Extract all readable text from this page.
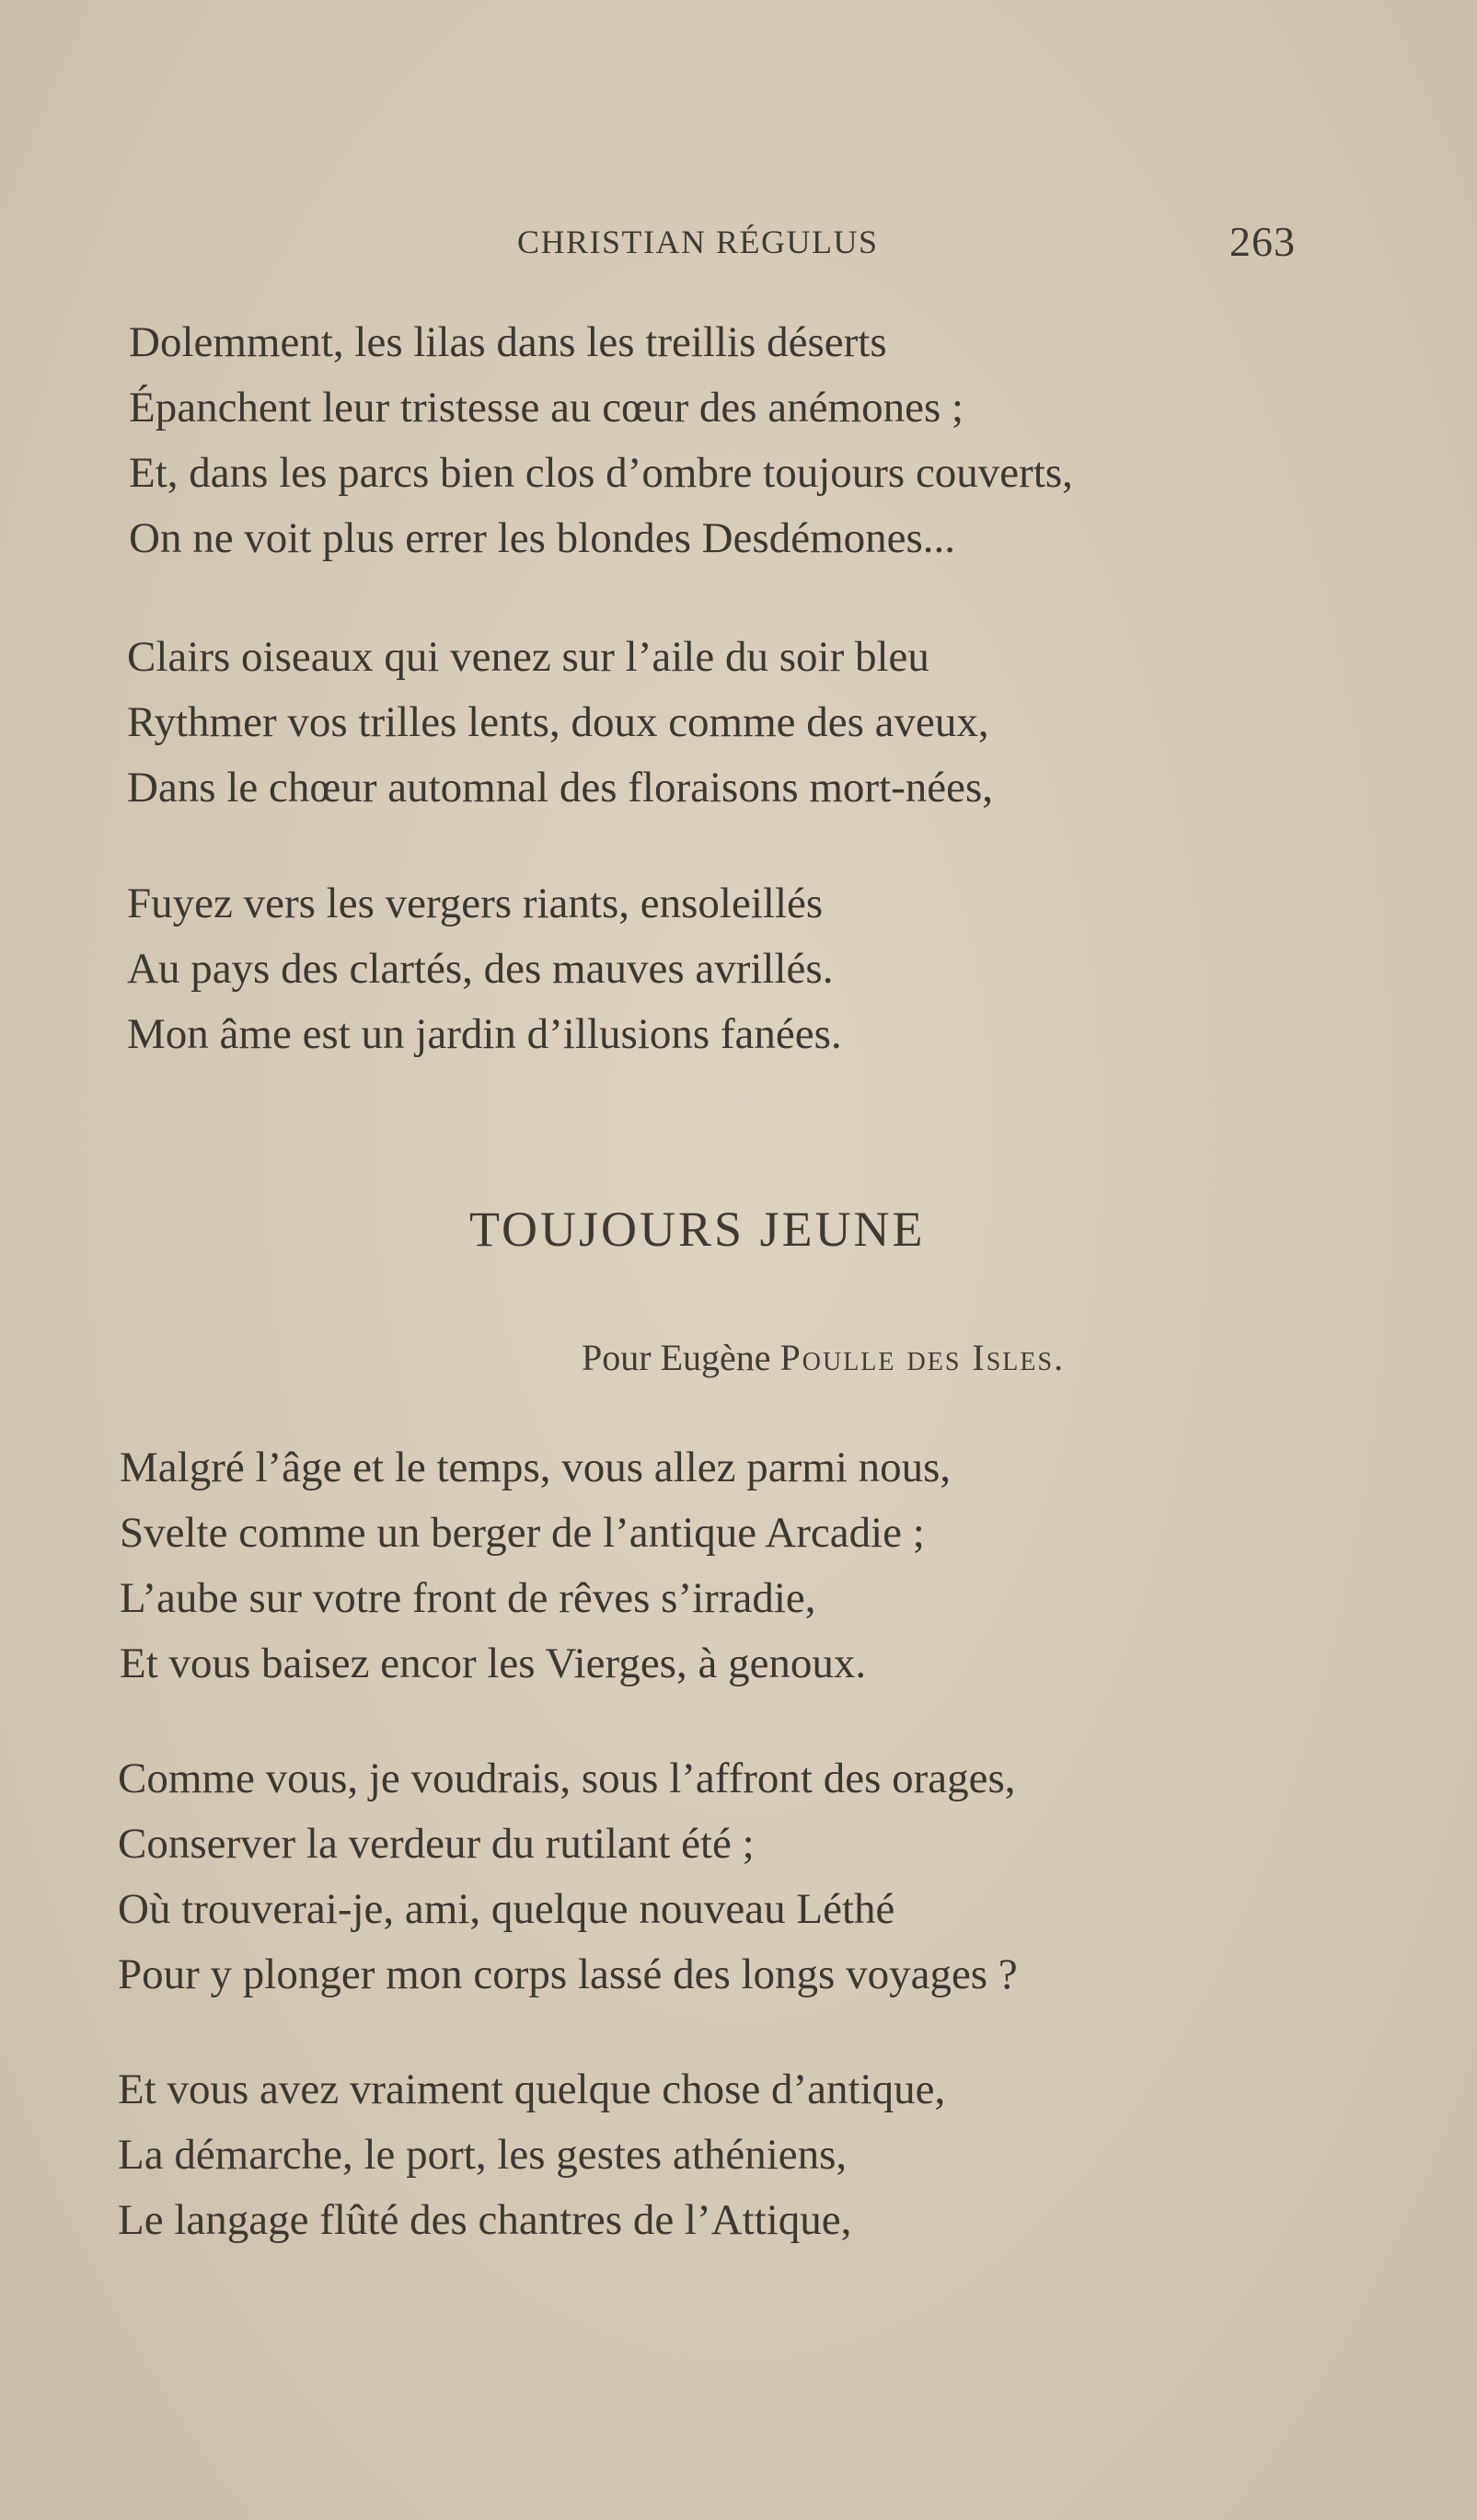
CHRISTIAN RÉGULUS	263
Dolemment, les lilas dans les treillis déserts
Épanchent leur tristesse au cœur des anémones ;
Et, dans les parcs bien clos d’ombre toujours couverts,
On ne voit plus errer les blondes Desdémones...
Clairs oiseaux qui venez sur l’aile du soir bleu
Rythmer vos trilles lents, doux comme des aveux,
Dans le chœur automnal des floraisons mort-nées,
Fuyez vers les vergers riants, ensoleillés
Au pays des clartés, des mauves avrillés.
Mon âme est un jardin d’illusions fanées.
TOUJOURS JEUNE
Pour Eugène Poulle des Isles.
Malgré l’âge et le temps, vous allez parmi nous,
Svelte comme un berger de l’antique Arcadie ;
L’aube sur votre front de rêves s’irradie,
Et vous baisez encor les Vierges, à genoux.
Comme vous, je voudrais, sous l’affront des orages,
Conserver la verdeur du rutilant été ;
Où trouverai-je, ami, quelque nouveau Léthé
Pour y plonger mon corps lassé des longs voyages ?
Et vous avez vraiment quelque chose d’antique,
La démarche, le port, les gestes athéniens,
Le langage flûté des chantres de l’Attique,
